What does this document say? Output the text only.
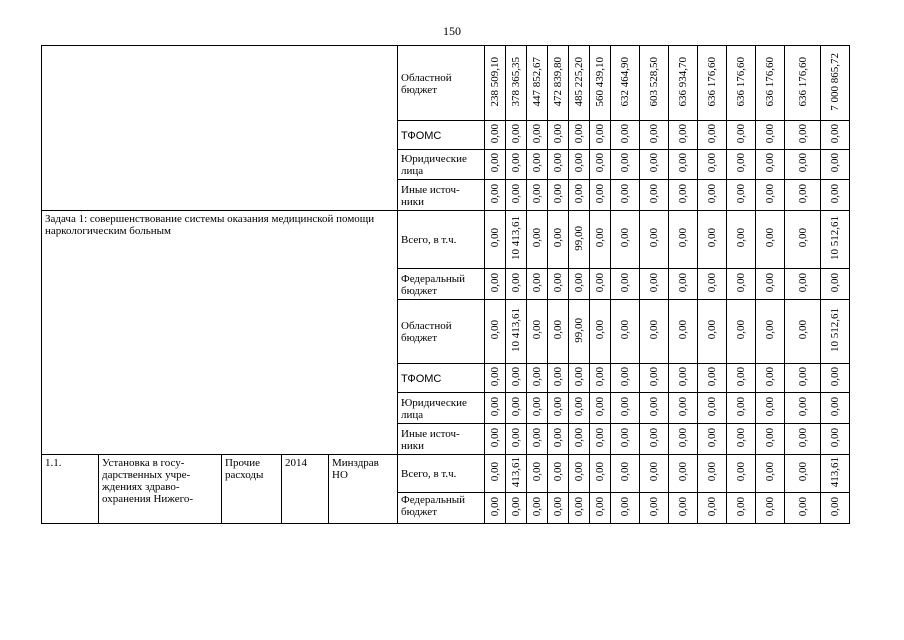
150
					Областной бюджет	238 509,10	378 365,35	447 852,67	472 839,80	485 225,20	560 439,10	632 464,90	603 528,50	636 934,70	636 176,60	636 176,60	636 176,60	636 176,60	7 000 865,72
					ТФОМС	0,00	0,00	0,00	0,00	0,00	0,00	0,00	0,00	0,00	0,00	0,00	0,00	0,00	0,00
					Юридические лица	0,00	0,00	0,00	0,00	0,00	0,00	0,00	0,00	0,00	0,00	0,00	0,00	0,00	0,00
					Иные источ-ники	0,00	0,00	0,00	0,00	0,00	0,00	0,00	0,00	0,00	0,00	0,00	0,00	0,00	0,00
Задача 1: совершенствование системы оказания медицинской помощи наркологическим больным					Всего, в т.ч.	0,00	10 413,61	0,00	0,00	99,00	0,00	0,00	0,00	0,00	0,00	0,00	0,00	0,00	10 512,61
					Федеральный бюджет	0,00	0,00	0,00	0,00	0,00	0,00	0,00	0,00	0,00	0,00	0,00	0,00	0,00	0,00
					Областной бюджет	0,00	10 413,61	0,00	0,00	99,00	0,00	0,00	0,00	0,00	0,00	0,00	0,00	0,00	10 512,61
					ТФОМС	0,00	0,00	0,00	0,00	0,00	0,00	0,00	0,00	0,00	0,00	0,00	0,00	0,00	0,00
					Юридические лица	0,00	0,00	0,00	0,00	0,00	0,00	0,00	0,00	0,00	0,00	0,00	0,00	0,00	0,00
					Иные источ-ники	0,00	0,00	0,00	0,00	0,00	0,00	0,00	0,00	0,00	0,00	0,00	0,00	0,00	0,00
1.1.	Установка в госу-дарственных учре-ждениях здраво-охранения Нижего-	Прочие расходы	2014	Минздрав НО	Всего, в т.ч.	0,00	413,61	0,00	0,00	0,00	0,00	0,00	0,00	0,00	0,00	0,00	0,00	0,00	413,61
					Федеральный бюджет	0,00	0,00	0,00	0,00	0,00	0,00	0,00	0,00	0,00	0,00	0,00	0,00	0,00	0,00
